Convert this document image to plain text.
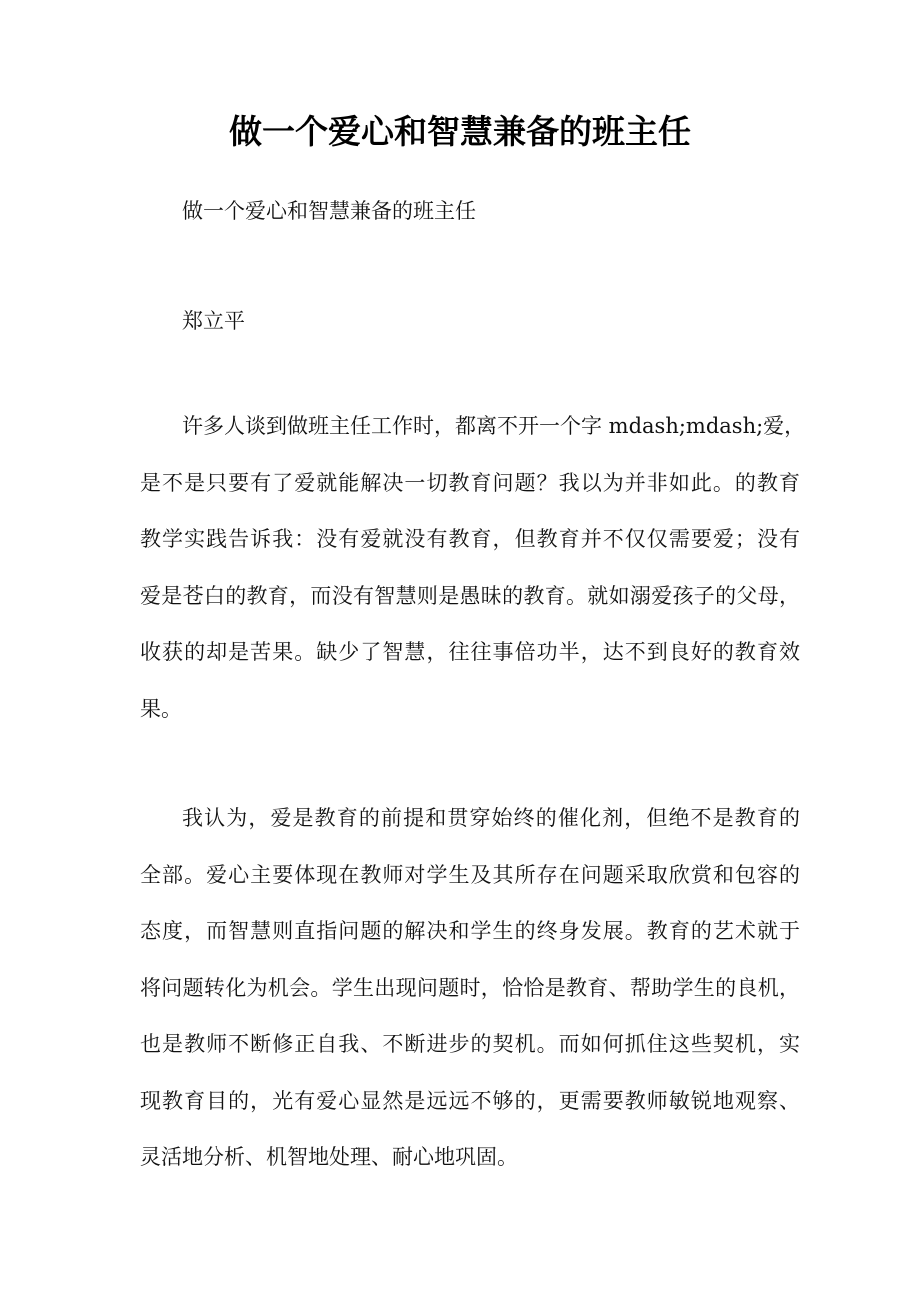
做一个爱心和智慧兼备的班主任
做一个爱心和智慧兼备的班主任
郑立平
许多人谈到做班主任工作时，都离不开一个字 mdash;mdash;爱，
是不是只要有了爱就能解决一切教育问题？我以为并非如此。的教育
教学实践告诉我：没有爱就没有教育，但教育并不仅仅需要爱；没有
爱是苍白的教育，而没有智慧则是愚昧的教育。就如溺爱孩子的父母，
收获的却是苦果。缺少了智慧，往往事倍功半，达不到良好的教育效
果。
我认为，爱是教育的前提和贯穿始终的催化剂，但绝不是教育的
全部。爱心主要体现在教师对学生及其所存在问题采取欣赏和包容的
态度，而智慧则直指问题的解决和学生的终身发展。教育的艺术就于
将问题转化为机会。学生出现问题时，恰恰是教育、帮助学生的良机，
也是教师不断修正自我、不断进步的契机。而如何抓住这些契机，实
现教育目的，光有爱心显然是远远不够的，更需要教师敏锐地观察、
灵活地分析、机智地处理、耐心地巩固。
